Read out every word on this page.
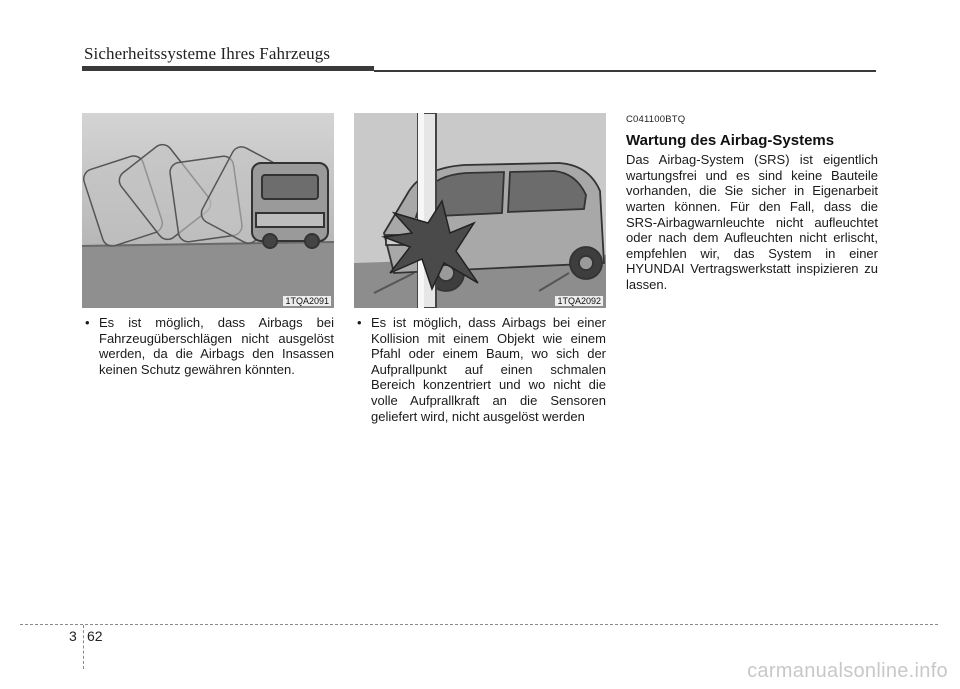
Sicherheitssysteme Ihres Fahrzeugs
1TQA2091	1TQA2092
• Es ist möglich, dass Airbags bei Fahrzeugüberschlägen nicht ausgelöst werden, da die Airbags den Insassen keinen Schutz gewähren könnten.
• Es ist möglich, dass Airbags bei einer Kollision mit einem Objekt wie einem Pfahl oder einem Baum, wo sich der Aufprallpunkt auf einen schmalen Bereich konzentriert und wo nicht die volle Aufprallkraft an die Sensoren geliefert wird, nicht ausgelöst werden
C041100BTQ
Wartung des Airbag-Systems
Das Airbag-System (SRS) ist eigentlich wartungsfrei und es sind keine Bauteile vorhanden, die Sie sicher in Eigenarbeit warten können. Für den Fall, dass die SRS-Airbagwarnleuchte nicht aufleuchtet oder nach dem Aufleuchten nicht erlischt, empfehlen wir, das System in einer HYUNDAI Vertragswerkstatt inspizieren zu lassen.
3 62
carmanualsonline.info
